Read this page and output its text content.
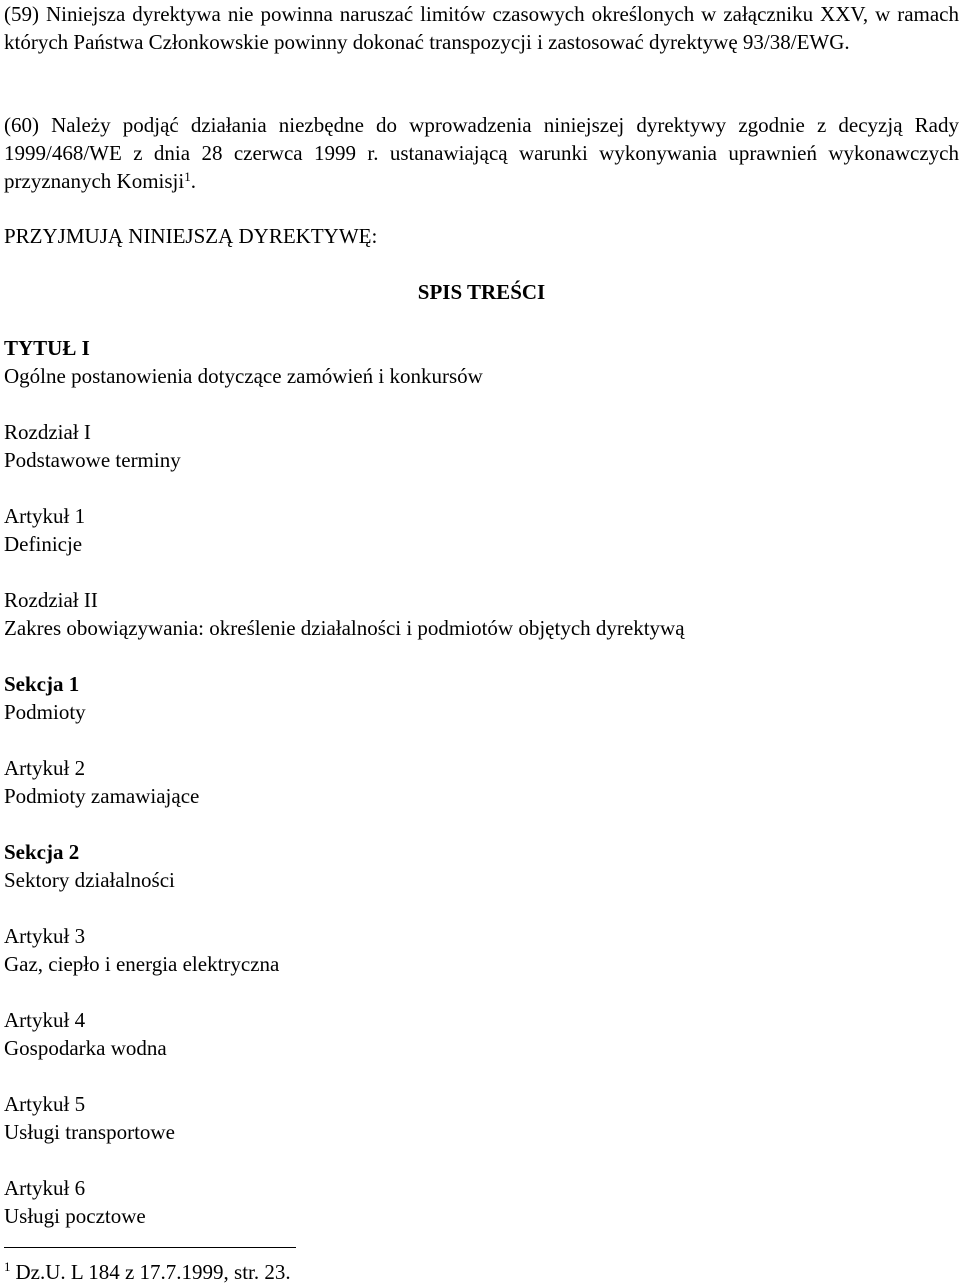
(59) Niniejsza dyrektywa nie powinna naruszać limitów czasowych określonych w załączniku XXV, w ramach których Państwa Członkowskie powinny dokonać transpozycji i zastosować dyrektywę 93/38/EWG.

(60) Należy podjąć działania niezbędne do wprowadzenia niniejszej dyrektywy zgodnie z decyzją Rady 1999/468/WE z dnia 28 czerwca 1999 r. ustanawiającą warunki wykonywania uprawnień wykonawczych przyznanych Komisji$^1$.

PRZYJMUJĄ NINIEJSZĄ DYREKTYWĘ:
SPIS TREŚCI
TYTUŁ I
Ogólne postanowienia dotyczące zamówień i konkursów
Rozdział I
Podstawowe terminy
Artykuł 1
Definicje
Rozdział II
Zakres obowiązywania: określenie działalności i podmiotów objętych dyrektywą
Sekcja 1
Podmioty
Artykuł 2
Podmioty zamawiające
Sekcja 2
Sektory działalności
Artykuł 3
Gaz, ciepło i energia elektryczna
Artykuł 4
Gospodarka wodna
Artykuł 5
Usługi transportowe
Artykuł 6
Usługi pocztowe
$^1$ Dz.U. L 184 z 17.7.1999, str. 23.
